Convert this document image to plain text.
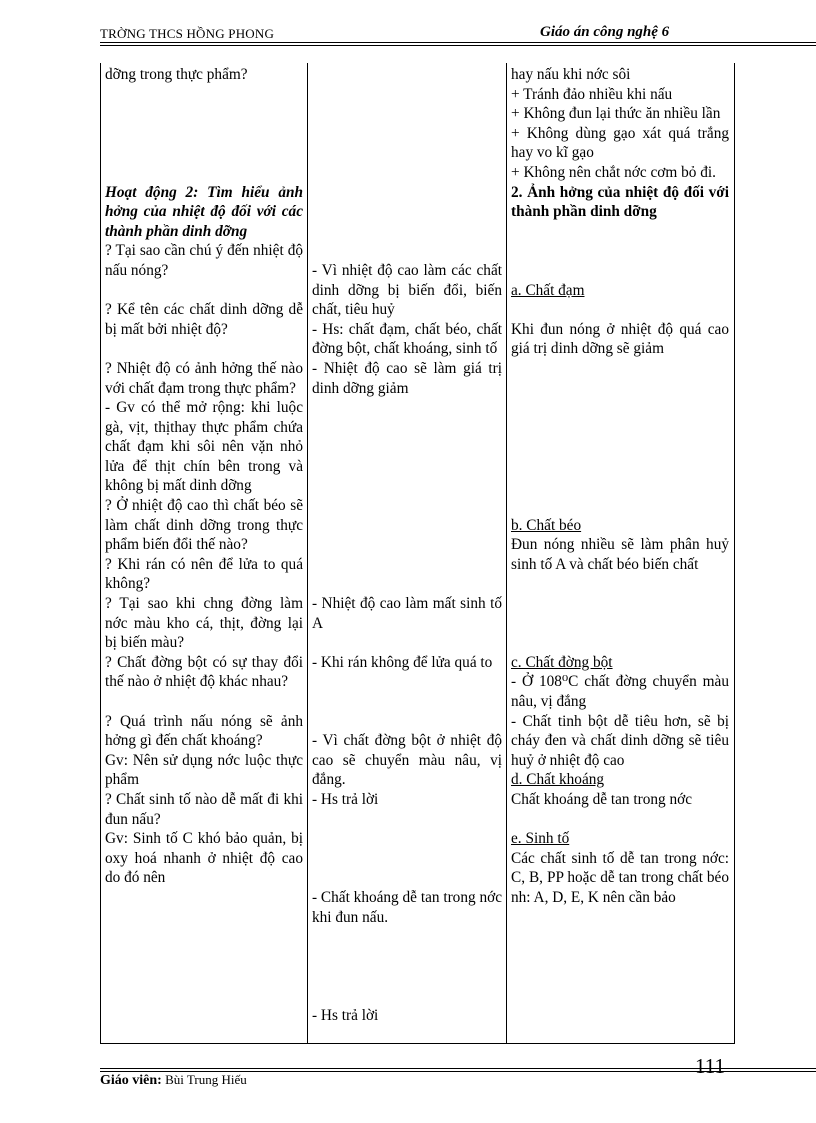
TRỜNG THCS HỒNG PHONG	Giáo án công nghệ 6

dỡng trong thực phẩm?

Hoạt động 2: Tìm hiểu ảnh hởng của nhiệt độ đối với các thành phần dinh dỡng

? Tại sao cần chú ý đến nhiệt độ nấu nóng?

? Kể tên các chất dinh dỡng dễ bị mất bởi nhiệt độ?

? Nhiệt độ có ảnh hởng thế nào với chất đạm trong thực phẩm?

- Gv có thể mở rộng: khi luộc gà, vịt, thịthay thực phẩm chứa chất đạm khi sôi nên vặn nhỏ lửa để thịt chín bên trong và không bị mất dinh dỡng

? Ở nhiệt độ cao thì chất béo sẽ làm chất dinh dỡng trong thực phẩm biến đổi thế nào?

? Khi rán có nên để lửa to quá không?

? Tại sao khi chng đờng làm nớc màu kho cá, thịt, đờng lại bị biến màu?

? Chất đờng bột có sự thay đổi thế nào ở nhiệt độ khác nhau?

? Quá trình nấu nóng sẽ ảnh hởng gì đến chất khoáng?

Gv: Nên sử dụng nớc luộc thực phẩm

? Chất sinh tố nào dễ mất đi khi đun nấu?

Gv: Sinh tố C khó bảo quản, bị oxy hoá nhanh ở nhiệt độ cao do đó nên

- Vì nhiệt độ cao làm các chất dinh dỡng bị biến đổi, biến chất, tiêu huỷ

- Hs: chất đạm, chất béo, chất đờng bột, chất khoáng, sinh tố

- Nhiệt độ cao sẽ làm giá trị dinh dỡng giảm

- Nhiệt độ cao làm mất sinh tố A

- Khi rán không để lửa quá to

- Vì chất đờng bột ở nhiệt độ cao sẽ chuyển màu nâu, vị đắng.

- Hs trả lời

- Chất khoáng dễ tan trong nớc khi đun nấu.

- Hs trả lời

hay nấu khi nớc sôi

+ Tránh đảo nhiều khi nấu

+ Không đun lại thức ăn nhiều lần

+ Không dùng gạo xát quá trắng hay vo kĩ gạo

+ Không nên chắt nớc cơm bỏ đi.

2. Ảnh hởng của nhiệt độ đối với thành phần dinh dỡng

a. Chất đạm

Khi đun nóng ở nhiệt độ quá cao giá trị dinh dỡng sẽ giảm

b. Chất béo

Đun nóng nhiều sẽ làm phân huỷ sinh tố A và chất béo biến chất

c. Chất đờng bột

- Ở 108⁰C chất đờng chuyển màu nâu, vị đắng

- Chất tinh bột dễ tiêu hơn, sẽ bị cháy đen và chất dinh dỡng sẽ tiêu huỷ ở nhiệt độ cao

d. Chất khoáng

Chất khoáng dễ tan trong nớc

e. Sinh tố

Các chất sinh tố dễ tan trong nớc: C, B, PP hoặc dễ tan trong chất béo nh: A, D, E, K nên cần bảo

111
Giáo viên: Bùi Trung Hiếu
